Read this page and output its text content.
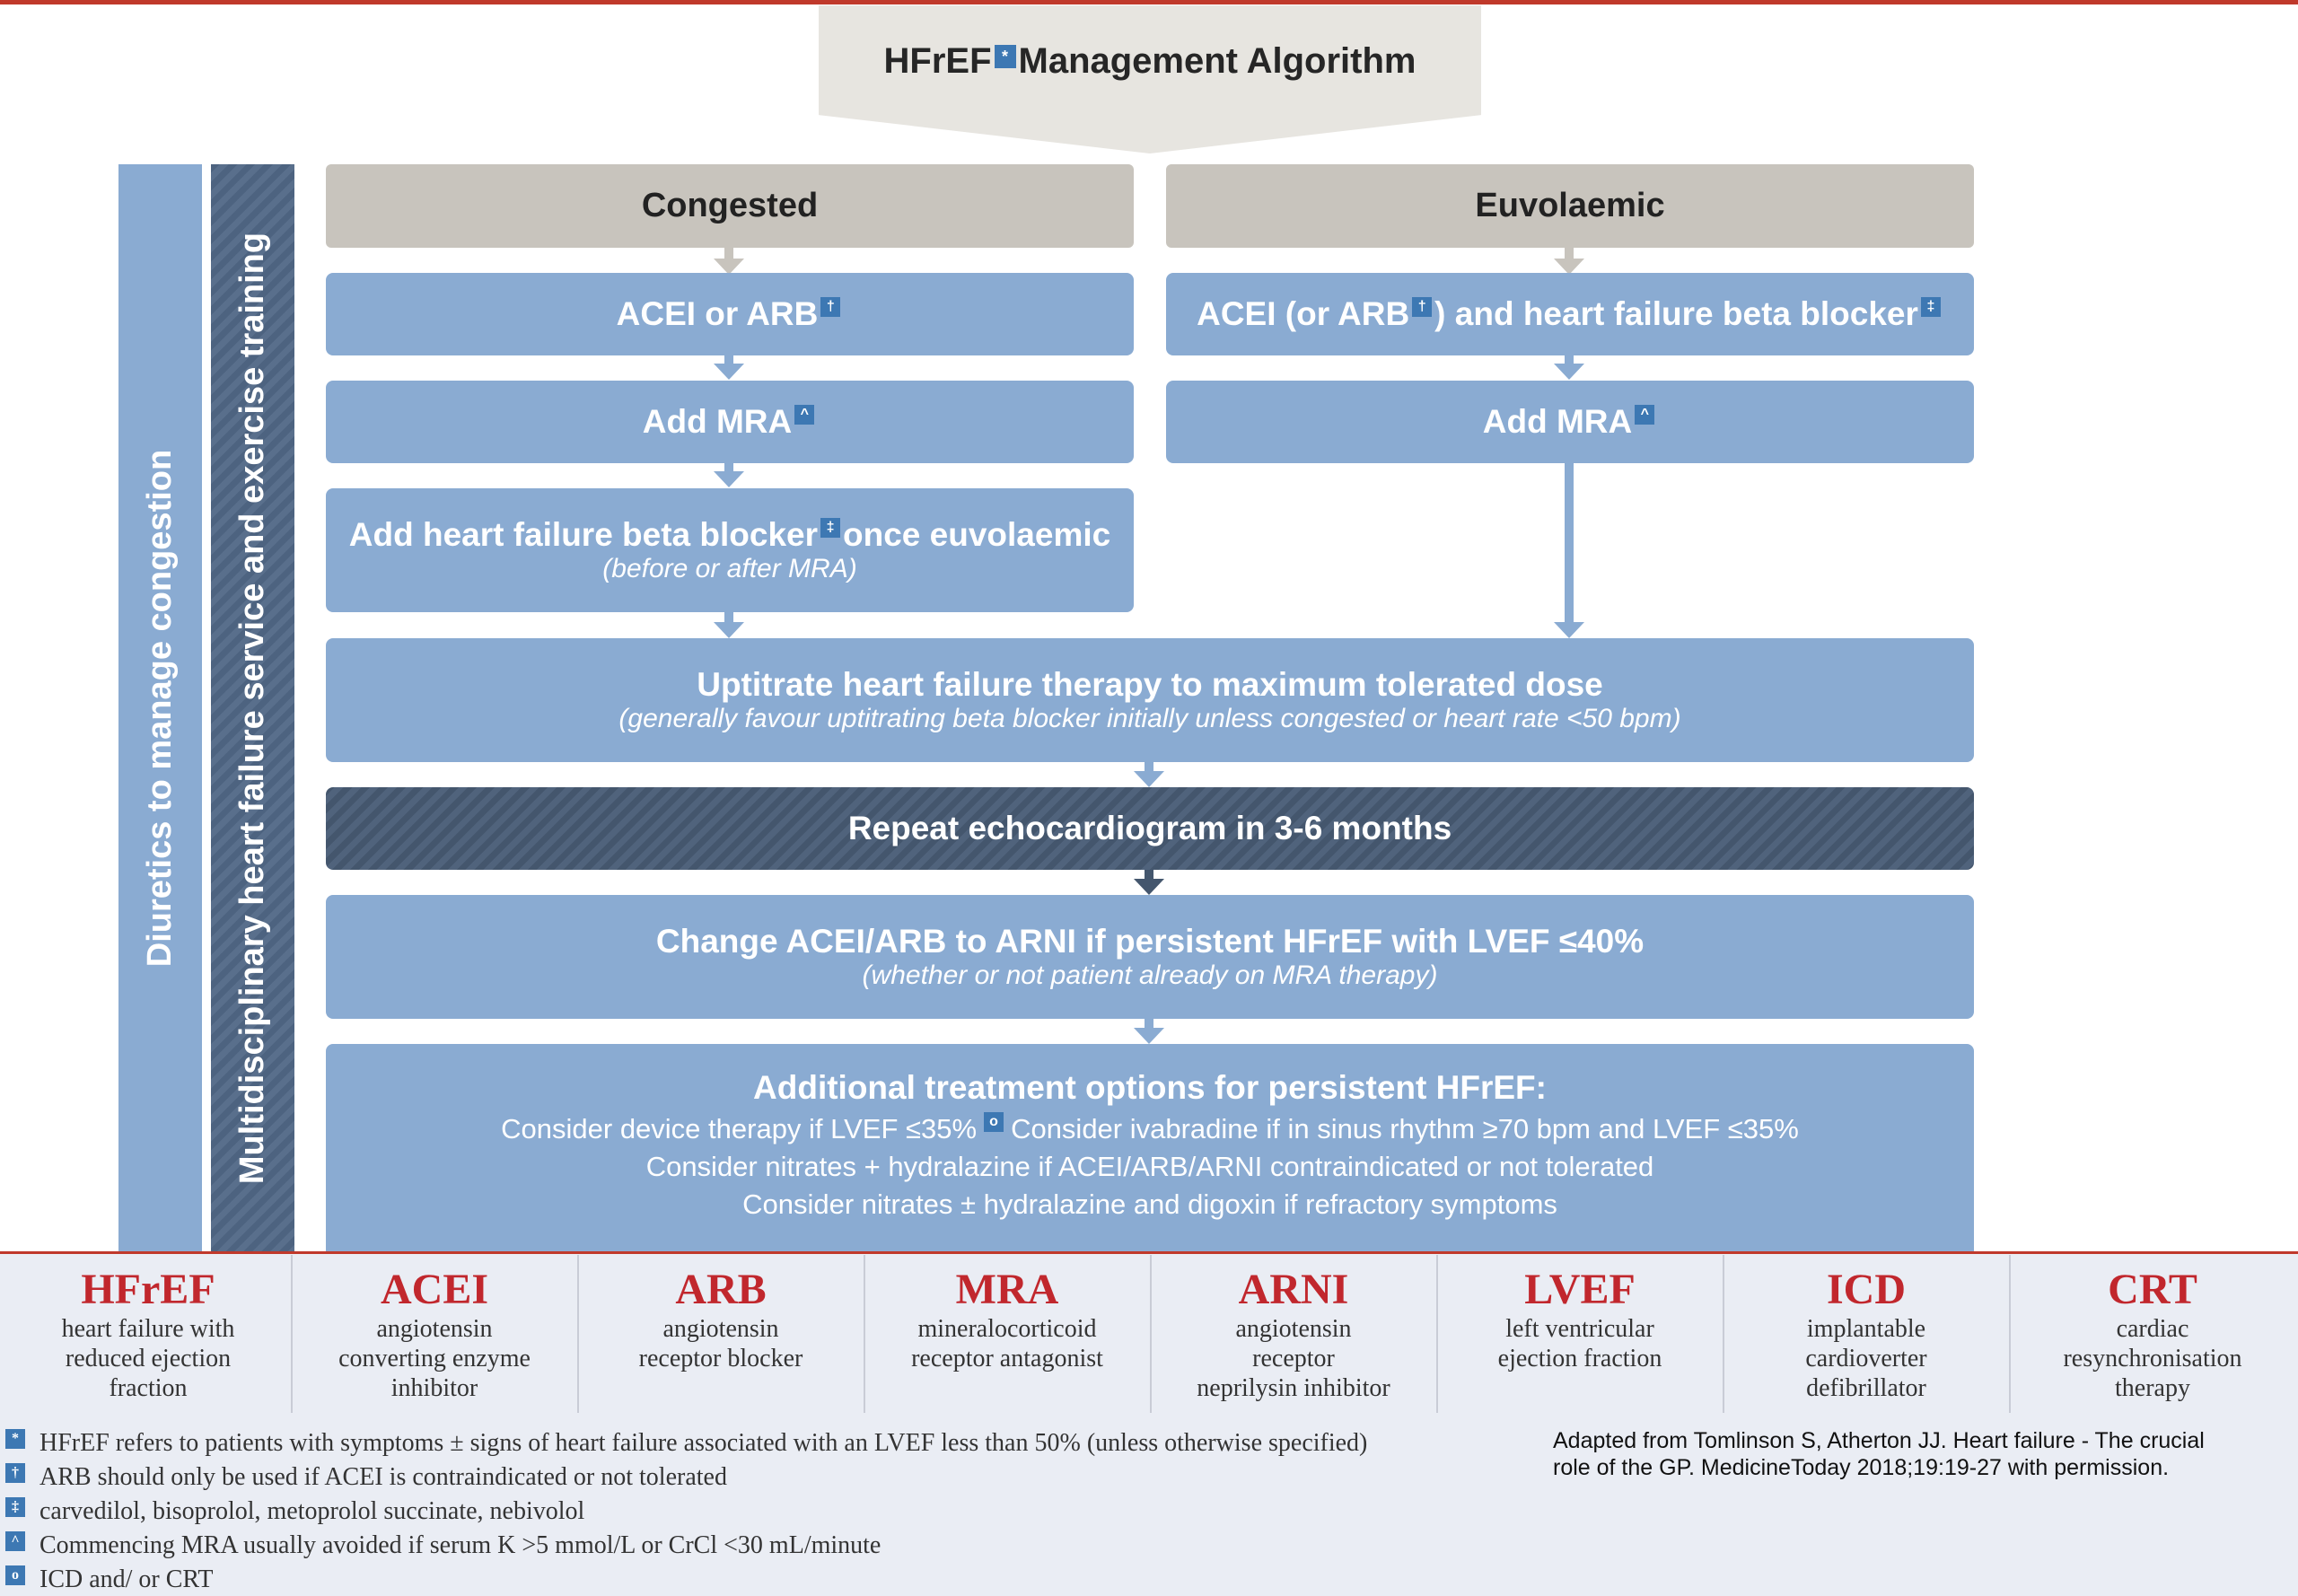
HFrEF * Management Algorithm
Diuretics to manage congestion	Multidisciplinary heart failure service and exercise training
Congested	Euvolaemic
ACEI or ARB †
Add MRA ^
Add heart failure beta blocker ‡ once euvolaemic
(before or after MRA)
ACEI (or ARB † ) and heart failure beta blocker ‡
Add MRA ^
Uptitrate heart failure therapy to maximum tolerated dose
(generally favour uptitrating beta blocker initially unless congested or heart rate <50 bpm)
Repeat echocardiogram in 3-6 months
Change ACEI/ARB to ARNI if persistent HFrEF with LVEF ≤40%
(whether or not patient already on MRA therapy)
Additional treatment options for persistent HFrEF:
Consider device therapy if LVEF ≤35% o Consider ivabradine if in sinus rhythm ≥70 bpm and LVEF ≤35%
Consider nitrates + hydralazine if ACEI/ARB/ARNI contraindicated or not tolerated
Consider nitrates ± hydralazine and digoxin if refractory symptoms
HFrEF
heart failure with
reduced ejection
fraction
ACEI
angiotensin
converting enzyme
inhibitor
ARB
angiotensin
receptor blocker
MRA
mineralocorticoid
receptor antagonist
ARNI
angiotensin
receptor
neprilysin inhibitor
LVEF
left ventricular
ejection fraction
ICD
implantable
cardioverter
defibrillator
CRT
cardiac
resynchronisation
therapy
* HFrEF refers to patients with symptoms ± signs of heart failure associated with an LVEF less than 50% (unless otherwise specified)
† ARB should only be used if ACEI is contraindicated or not tolerated
‡ carvedilol, bisoprolol, metoprolol succinate, nebivolol
^ Commencing MRA usually avoided if serum K >5 mmol/L or CrCl <30 mL/minute
o ICD and/ or CRT
Adapted from Tomlinson S, Atherton JJ. Heart failure - The crucial
role of the GP. MedicineToday 2018;19:19-27 with permission.
